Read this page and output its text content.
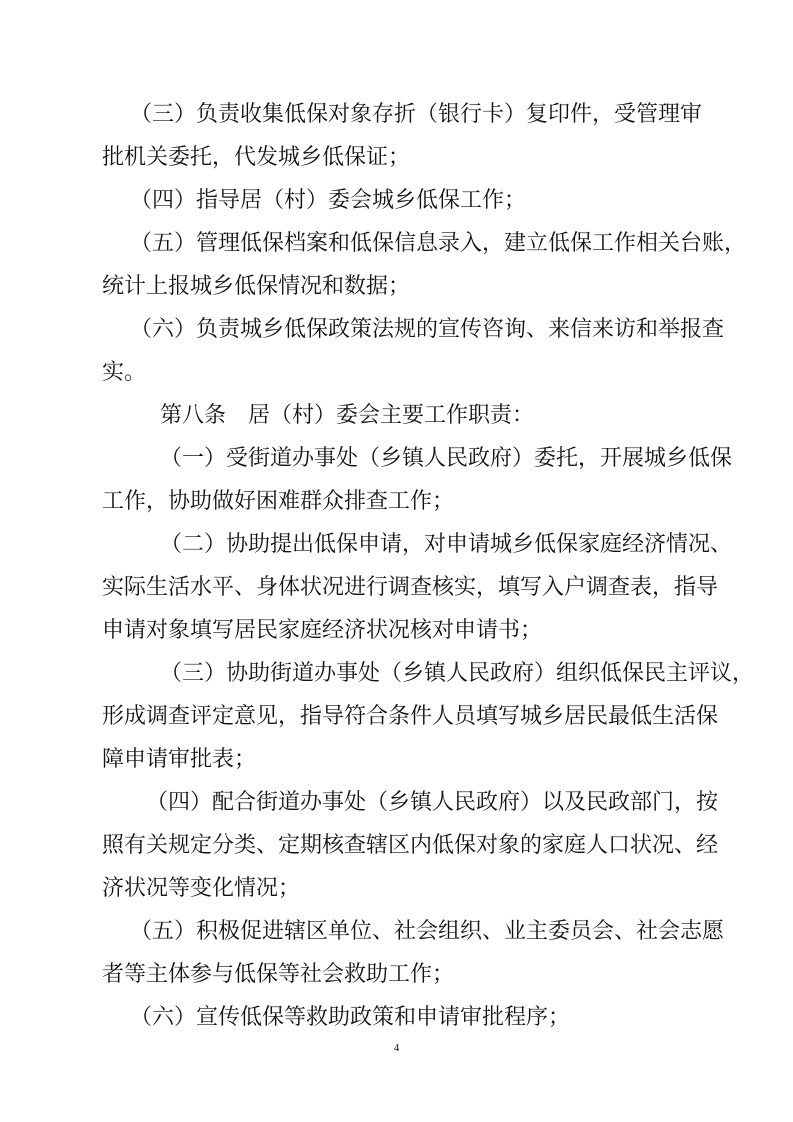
（三）负责收集低保对象存折（银行卡）复印件，受管理审
批机关委托，代发城乡低保证；
（四）指导居（村）委会城乡低保工作；
（五）管理低保档案和低保信息录入，建立低保工作相关台账，
统计上报城乡低保情况和数据；
（六）负责城乡低保政策法规的宣传咨询、来信来访和举报查
实。
第八条　居（村）委会主要工作职责：
（一）受街道办事处（乡镇人民政府）委托，开展城乡低保
工作，协助做好困难群众排查工作；
（二）协助提出低保申请，对申请城乡低保家庭经济情况、
实际生活水平、身体状况进行调查核实，填写入户调查表，指导
申请对象填写居民家庭经济状况核对申请书；
（三）协助街道办事处（乡镇人民政府）组织低保民主评议，
形成调查评定意见，指导符合条件人员填写城乡居民最低生活保
障申请审批表；
（四）配合街道办事处（乡镇人民政府）以及民政部门，按
照有关规定分类、定期核查辖区内低保对象的家庭人口状况、经
济状况等变化情况；
（五）积极促进辖区单位、社会组织、业主委员会、社会志愿
者等主体参与低保等社会救助工作；
（六）宣传低保等救助政策和申请审批程序；
4
